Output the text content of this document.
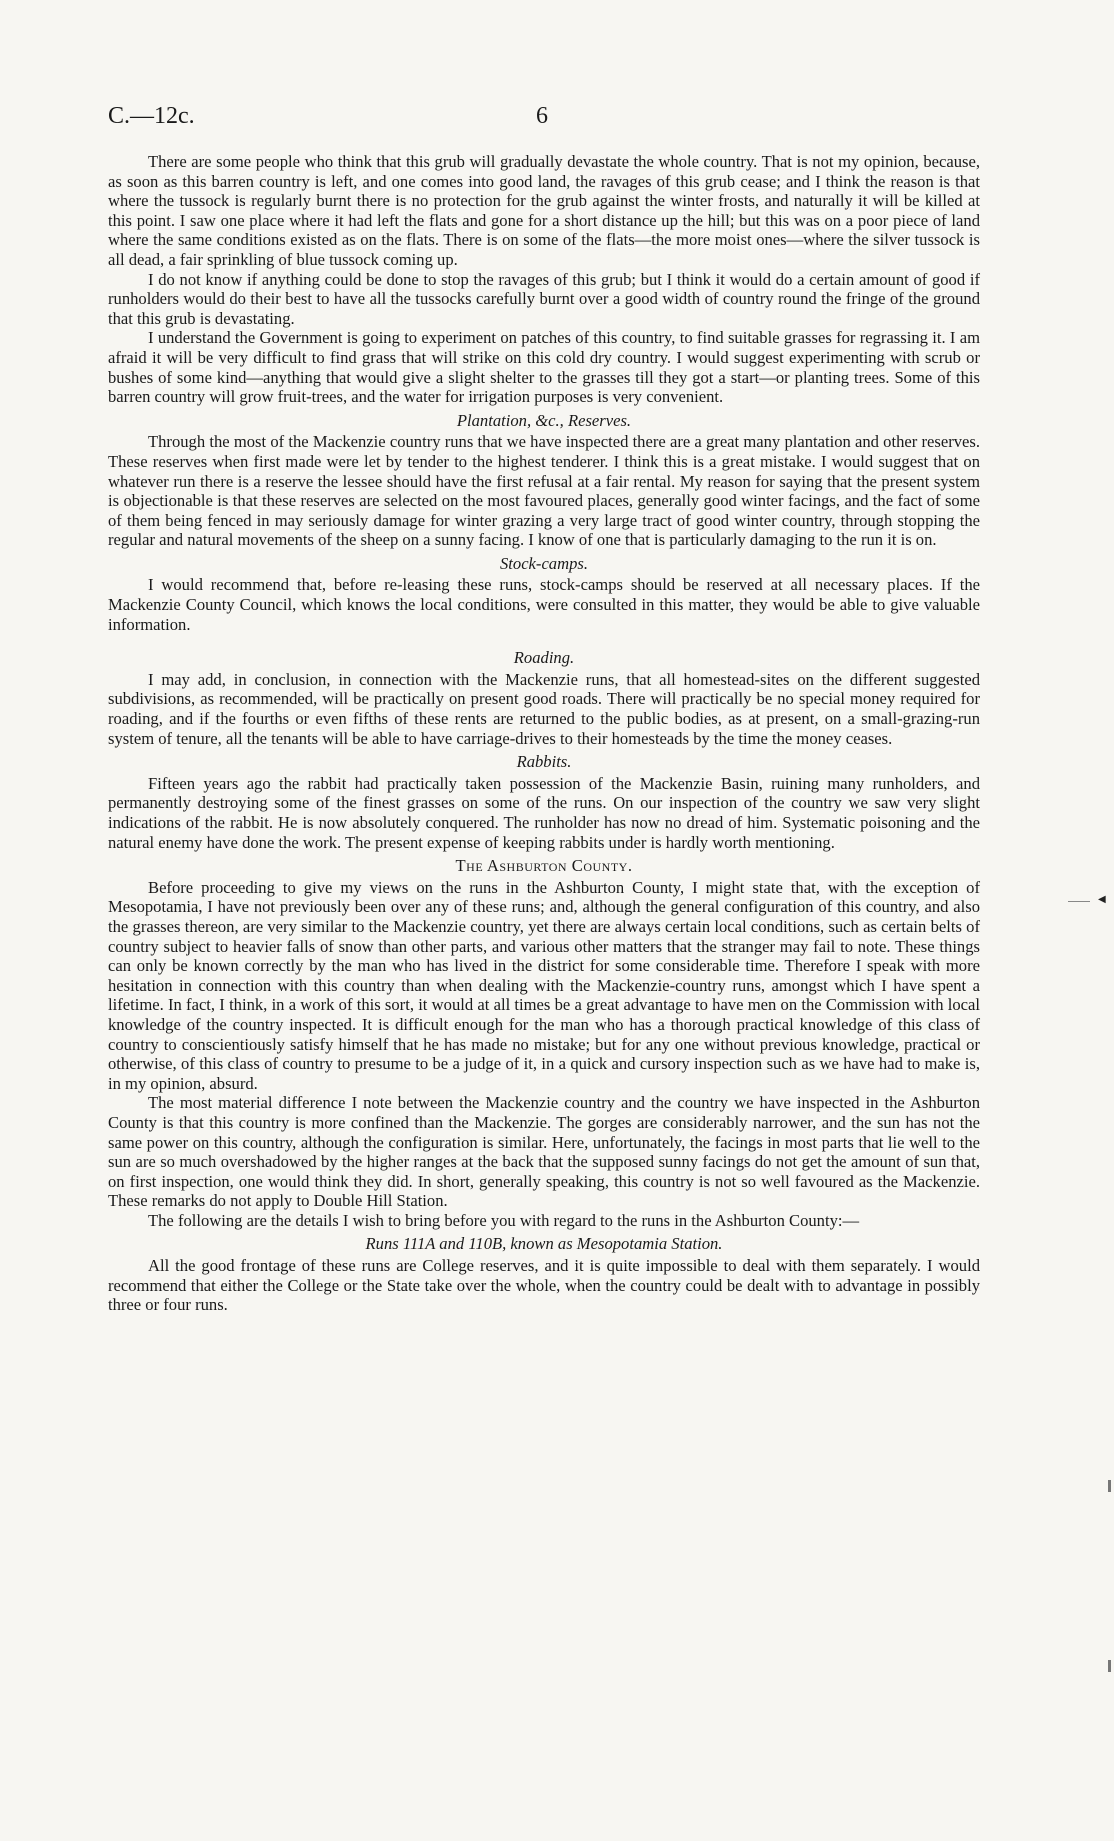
C.—12c.	6

There are some people who think that this grub will gradually devastate the whole country. That is not my opinion, because, as soon as this barren country is left, and one comes into good land, the ravages of this grub cease; and I think the reason is that where the tussock is regularly burnt there is no protection for the grub against the winter frosts, and naturally it will be killed at this point. I saw one place where it had left the flats and gone for a short distance up the hill; but this was on a poor piece of land where the same conditions existed as on the flats. There is on some of the flats—the more moist ones—where the silver tussock is all dead, a fair sprinkling of blue tussock coming up.

I do not know if anything could be done to stop the ravages of this grub; but I think it would do a certain amount of good if runholders would do their best to have all the tussocks carefully burnt over a good width of country round the fringe of the ground that this grub is devastating.

I understand the Government is going to experiment on patches of this country, to find suitable grasses for regrassing it. I am afraid it will be very difficult to find grass that will strike on this cold dry country. I would suggest experimenting with scrub or bushes of some kind—anything that would give a slight shelter to the grasses till they got a start—or planting trees. Some of this barren country will grow fruit-trees, and the water for irrigation purposes is very convenient.

Plantation, &c., Reserves.

Through the most of the Mackenzie country runs that we have inspected there are a great many plantation and other reserves. These reserves when first made were let by tender to the highest tenderer. I think this is a great mistake. I would suggest that on whatever run there is a reserve the lessee should have the first refusal at a fair rental. My reason for saying that the present system is objectionable is that these reserves are selected on the most favoured places, generally good winter facings, and the fact of some of them being fenced in may seriously damage for winter grazing a very large tract of good winter country, through stopping the regular and natural movements of the sheep on a sunny facing. I know of one that is particularly damaging to the run it is on.

Stock-camps.

I would recommend that, before re-leasing these runs, stock-camps should be reserved at all necessary places. If the Mackenzie County Council, which knows the local conditions, were consulted in this matter, they would be able to give valuable information.

Roading.

I may add, in conclusion, in connection with the Mackenzie runs, that all homestead-sites on the different suggested subdivisions, as recommended, will be practically on present good roads. There will practically be no special money required for roading, and if the fourths or even fifths of these rents are returned to the public bodies, as at present, on a small-grazing-run system of tenure, all the tenants will be able to have carriage-drives to their homesteads by the time the money ceases.

Rabbits.

Fifteen years ago the rabbit had practically taken possession of the Mackenzie Basin, ruining many runholders, and permanently destroying some of the finest grasses on some of the runs. On our inspection of the country we saw very slight indications of the rabbit. He is now absolutely conquered. The runholder has now no dread of him. Systematic poisoning and the natural enemy have done the work. The present expense of keeping rabbits under is hardly worth mentioning.

The Ashburton County.

Before proceeding to give my views on the runs in the Ashburton County, I might state that, with the exception of Mesopotamia, I have not previously been over any of these runs; and, although the general configuration of this country, and also the grasses thereon, are very similar to the Mackenzie country, yet there are always certain local conditions, such as certain belts of country subject to heavier falls of snow than other parts, and various other matters that the stranger may fail to note. These things can only be known correctly by the man who has lived in the district for some considerable time. Therefore I speak with more hesitation in connection with this country than when dealing with the Mackenzie-country runs, amongst which I have spent a lifetime. In fact, I think, in a work of this sort, it would at all times be a great advantage to have men on the Commission with local knowledge of the country inspected. It is difficult enough for the man who has a thorough practical knowledge of this class of country to conscientiously satisfy himself that he has made no mistake; but for any one without previous knowledge, practical or otherwise, of this class of country to presume to be a judge of it, in a quick and cursory inspection such as we have had to make is, in my opinion, absurd.

The most material difference I note between the Mackenzie country and the country we have inspected in the Ashburton County is that this country is more confined than the Mackenzie. The gorges are considerably narrower, and the sun has not the same power on this country, although the configuration is similar. Here, unfortunately, the facings in most parts that lie well to the sun are so much overshadowed by the higher ranges at the back that the supposed sunny facings do not get the amount of sun that, on first inspection, one would think they did. In short, generally speaking, this country is not so well favoured as the Mackenzie. These remarks do not apply to Double Hill Station.

The following are the details I wish to bring before you with regard to the runs in the Ashburton County:—

Runs 111A and 110B, known as Mesopotamia Station.

All the good frontage of these runs are College reserves, and it is quite impossible to deal with them separately. I would recommend that either the College or the State take over the whole, when the country could be dealt with to advantage in possibly three or four runs.

◀
